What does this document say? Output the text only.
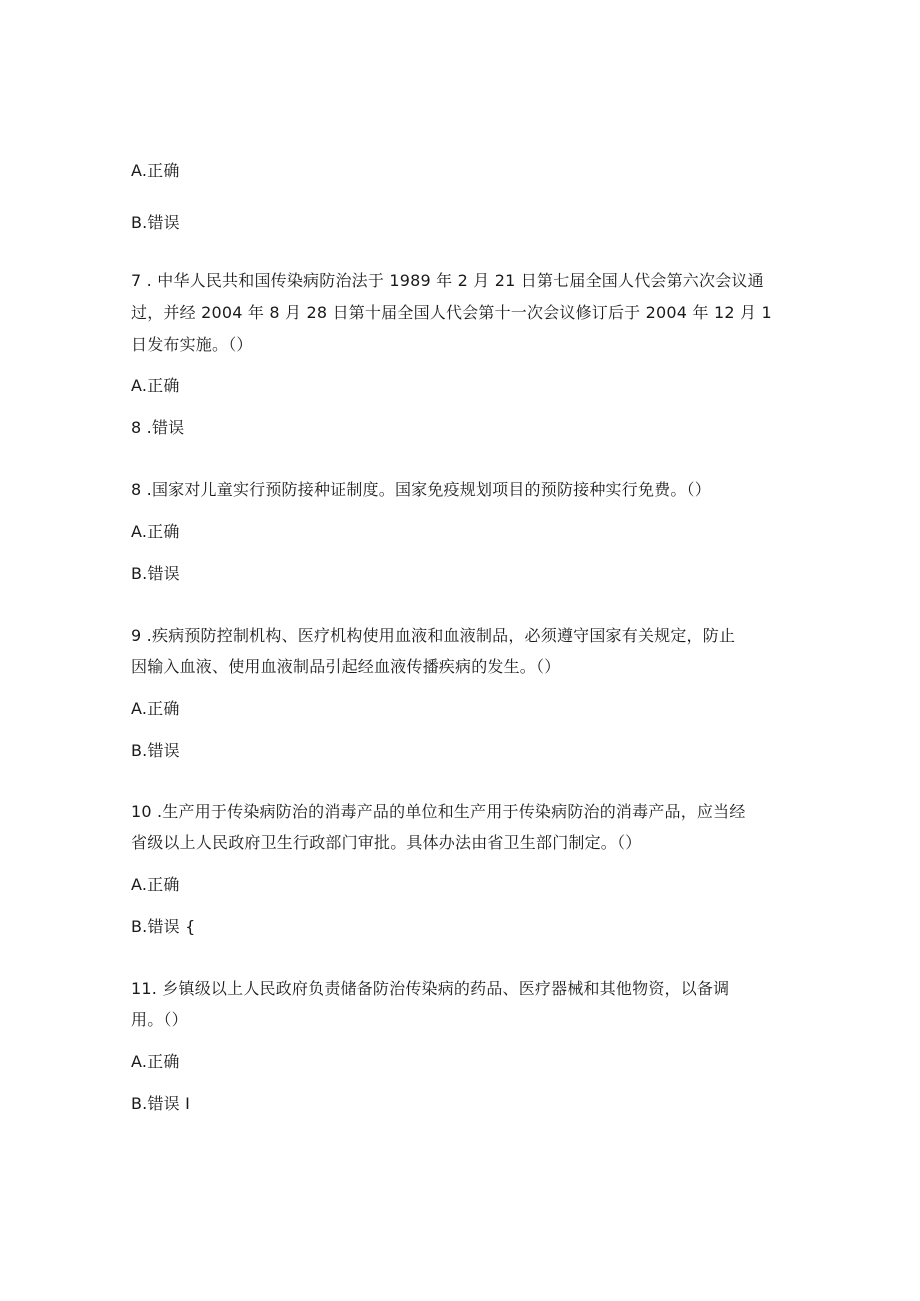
A.正确
B.错误
7 . 中华人民共和国传染病防治法于 1989 年 2 月 21 日第七届全国人代会第六次会议通
过，并经 2004 年 8 月 28 日第十届全国人代会第十一次会议修订后于 2004 年 12 月 1
日发布实施。（）
A.正确
8 .错误
8 .国家对儿童实行预防接种证制度。国家免疫规划项目的预防接种实行免费。（）
A.正确
B.错误
9 .疾病预防控制机构、医疗机构使用血液和血液制品，必须遵守国家有关规定，防止
因输入血液、使用血液制品引起经血液传播疾病的发生。（）
A.正确
B.错误
10 .生产用于传染病防治的消毒产品的单位和生产用于传染病防治的消毒产品，应当经
省级以上人民政府卫生行政部门审批。具体办法由省卫生部门制定。（）
A.正确
B.错误 {
11. 乡镇级以上人民政府负责储备防治传染病的药品、医疗器械和其他物资，以备调
用。（）
A.正确
B.错误 I
